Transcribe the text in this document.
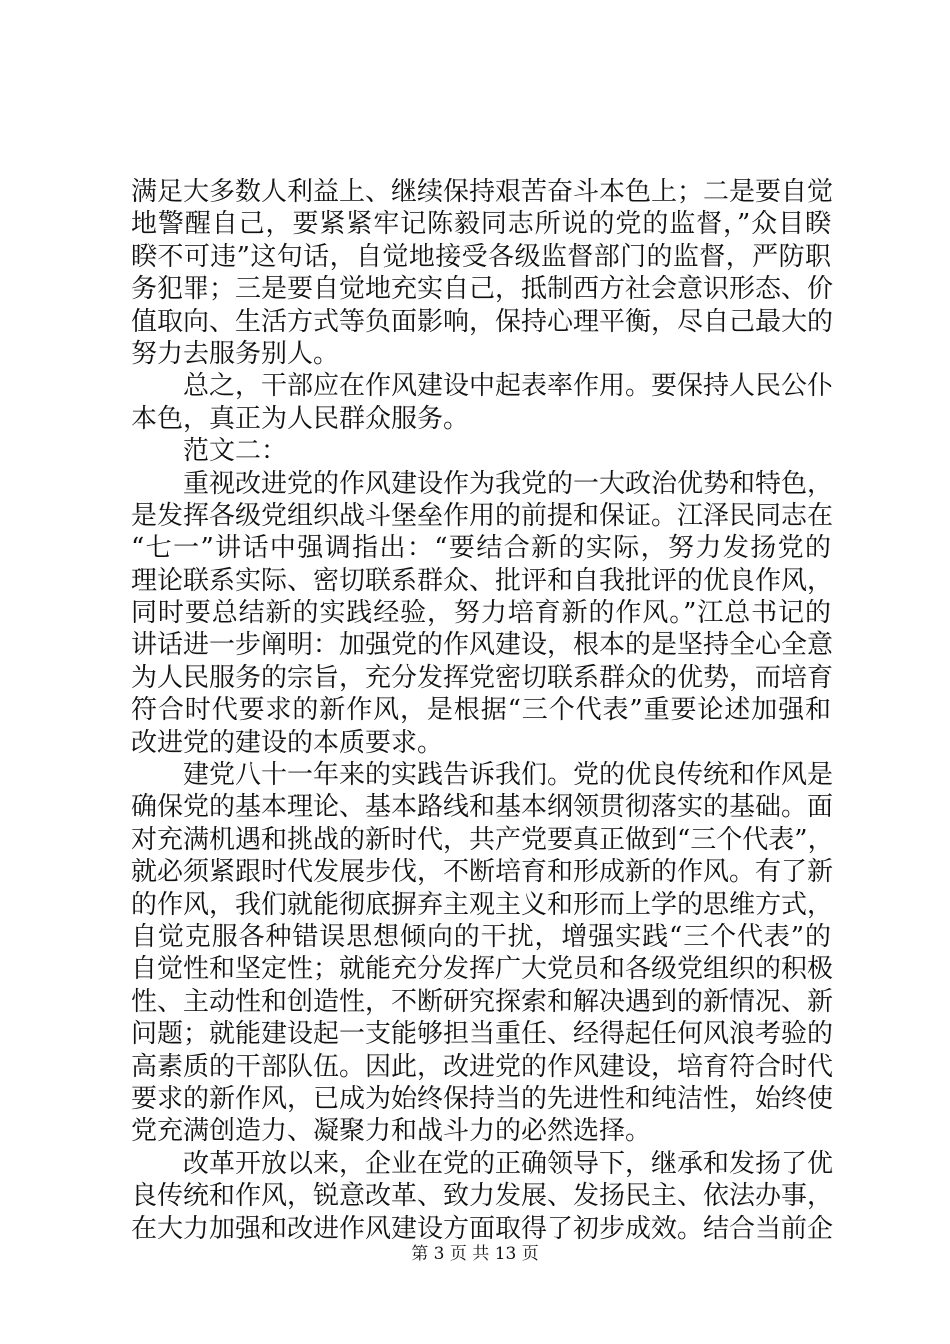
满足大多数人利益上、继续保持艰苦奋斗本色上；二是要自觉
地警醒自己，要紧紧牢记陈毅同志所说的党的监督，”众目睽
睽不可违”这句话，自觉地接受各级监督部门的监督，严防职
务犯罪；三是要自觉地充实自己，抵制西方社会意识形态、价
值取向、生活方式等负面影响，保持心理平衡，尽自己最大的
努力去服务别人。
总之，干部应在作风建设中起表率作用。要保持人民公仆
本色，真正为人民群众服务。
范文二：
重视改进党的作风建设作为我党的一大政治优势和特色，
是发挥各级党组织战斗堡垒作用的前提和保证。江泽民同志在
“七一”讲话中强调指出：“要结合新的实际，努力发扬党的
理论联系实际、密切联系群众、批评和自我批评的优良作风，
同时要总结新的实践经验，努力培育新的作风。”江总书记的
讲话进一步阐明：加强党的作风建设，根本的是坚持全心全意
为人民服务的宗旨，充分发挥党密切联系群众的优势，而培育
符合时代要求的新作风，是根据“三个代表”重要论述加强和
改进党的建设的本质要求。
建党八十一年来的实践告诉我们。党的优良传统和作风是
确保党的基本理论、基本路线和基本纲领贯彻落实的基础。面
对充满机遇和挑战的新时代，共产党要真正做到“三个代表”，
就必须紧跟时代发展步伐，不断培育和形成新的作风。有了新
的作风，我们就能彻底摒弃主观主义和形而上学的思维方式，
自觉克服各种错误思想倾向的干扰，增强实践“三个代表”的
自觉性和坚定性；就能充分发挥广大党员和各级党组织的积极
性、主动性和创造性，不断研究探索和解决遇到的新情况、新
问题；就能建设起一支能够担当重任、经得起任何风浪考验的
高素质的干部队伍。因此，改进党的作风建设，培育符合时代
要求的新作风，已成为始终保持当的先进性和纯洁性，始终使
党充满创造力、凝聚力和战斗力的必然选择。
改革开放以来，企业在党的正确领导下，继承和发扬了优
良传统和作风，锐意改革、致力发展、发扬民主、依法办事，
在大力加强和改进作风建设方面取得了初步成效。结合当前企
第 3 页 共 13 页
